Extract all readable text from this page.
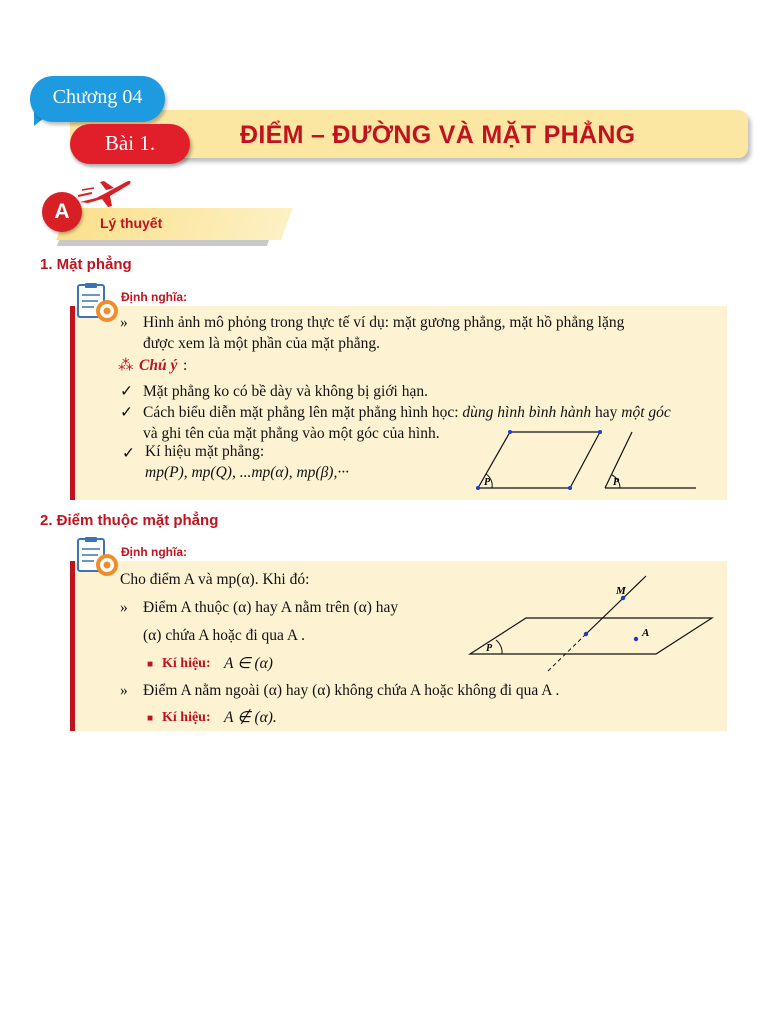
ĐIỂM – ĐƯỜNG VÀ MẶT PHẲNG
Chương 04
Bài 1.
A	Lý thuyết
1. Mặt phẳng
Định nghĩa:
» Hình ảnh mô phỏng trong thực tế ví dụ: mặt gương phẳng, mặt hồ phẳng lặng
được xem là một phần của mặt phẳng.
⁂ Chú ý :
✓ Mặt phẳng ko có bề dày và không bị giới hạn.
✓ Cách biểu diễn mặt phẳng lên mặt phẳng hình học: dùng hình bình hành hay một góc
và ghi tên của mặt phẳng vào một góc của hình.
✓ Kí hiệu mặt phẳng:
mp(P), mp(Q), ...mp(α), mp(β),···
P	P
2. Điểm thuộc mặt phẳng
Định nghĩa:
Cho điểm A và mp(α). Khi đó:
» Điểm A thuộc (α) hay A nằm trên (α) hay
(α) chứa A hoặc đi qua A .
■ Kí hiệu: A ∈ (α)
» Điểm A nằm ngoài (α) hay (α) không chứa A hoặc không đi qua A .
■ Kí hiệu: A ∉ (α).
M
A
P
